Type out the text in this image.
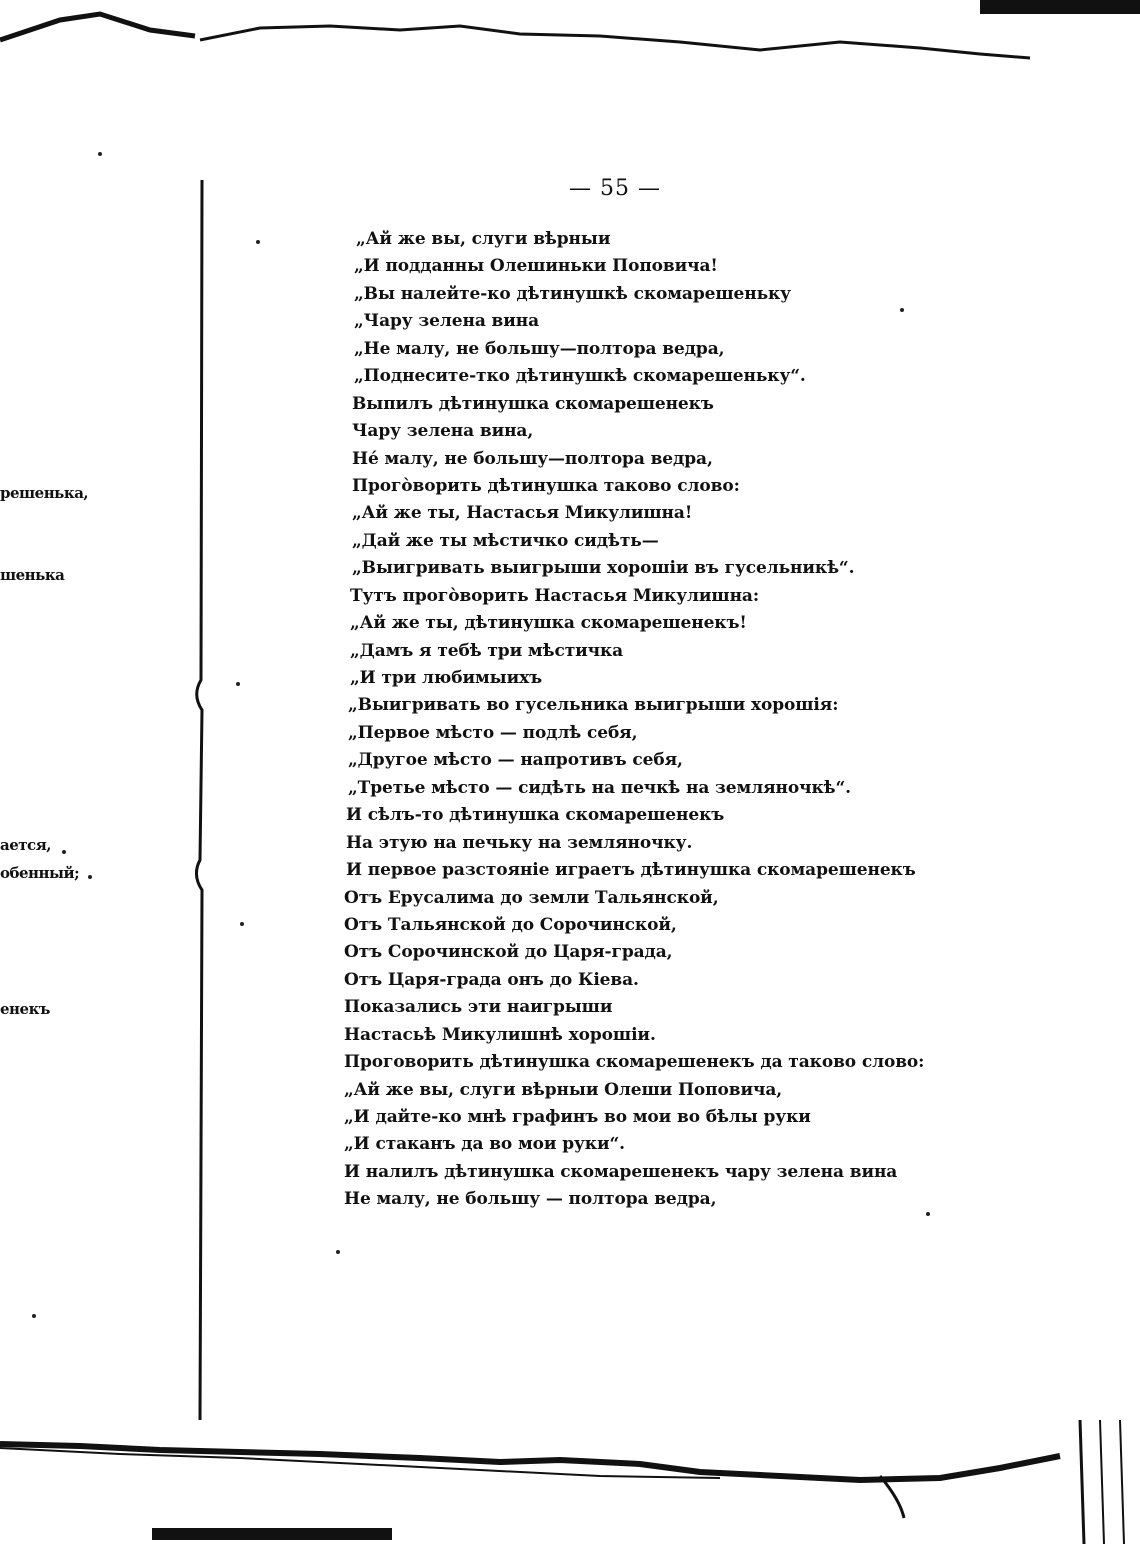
решенька,
шенька
ается,
обенный;
енекъ
— 55 —
„Ай же вы, слуги вѣрныи
„И подданны Олешиньки Поповича!
„Вы налейте-ко дѣтинушкѣ скомарешеньку
„Чару зелена вина
„Не малу, не большу—полтора ведра,
„Поднесите-тко дѣтинушкѣ скомарешеньку“.
Выпилъ дѣтинушка скомарешенекъ
Чару зелена вина,
Не́ малу, не большу—полтора ведра,
Прого̀ворить дѣтинушка таково слово:
„Ай же ты, Настасья Микулишна!
„Дай же ты мѣстичко сидѣть—
„Выигривать выигрыши хорошіи въ гусельникѣ“.
Тутъ прого̀ворить Настасья Микулишна:
„Ай же ты, дѣтинушка скомарешенекъ!
„Дамъ я тебѣ три мѣстичка
„И три любимыихъ
„Выигривать во гусельника выигрыши хорошія:
„Первое мѣсто — подлѣ себя,
„Другое мѣсто — напротивъ себя,
„Третье мѣсто — сидѣть на печкѣ на земляночкѣ“.
И сѣлъ-то дѣтинушка скомарешенекъ
На этую на печьку на земляночку.
И первое разстояніе играетъ дѣтинушка скомарешенекъ
Отъ Ерусалима до земли Тальянской,
Отъ Тальянской до Сорочинской,
Отъ Сорочинской до Царя-града,
Отъ Царя-града онъ до Кіева.
Показались эти наигрыши
Настасьѣ Микулишнѣ хорошіи.
Проговорить дѣтинушка скомарешенекъ да таково слово:
„Ай же вы, слуги вѣрныи Олеши Поповича,
„И дайте-ко мнѣ графинъ во мои во бѣлы руки
„И стаканъ да во мои руки“.
И налилъ дѣтинушка скомарешенекъ чару зелена вина
Не малу, не большу — полтора ведра,
